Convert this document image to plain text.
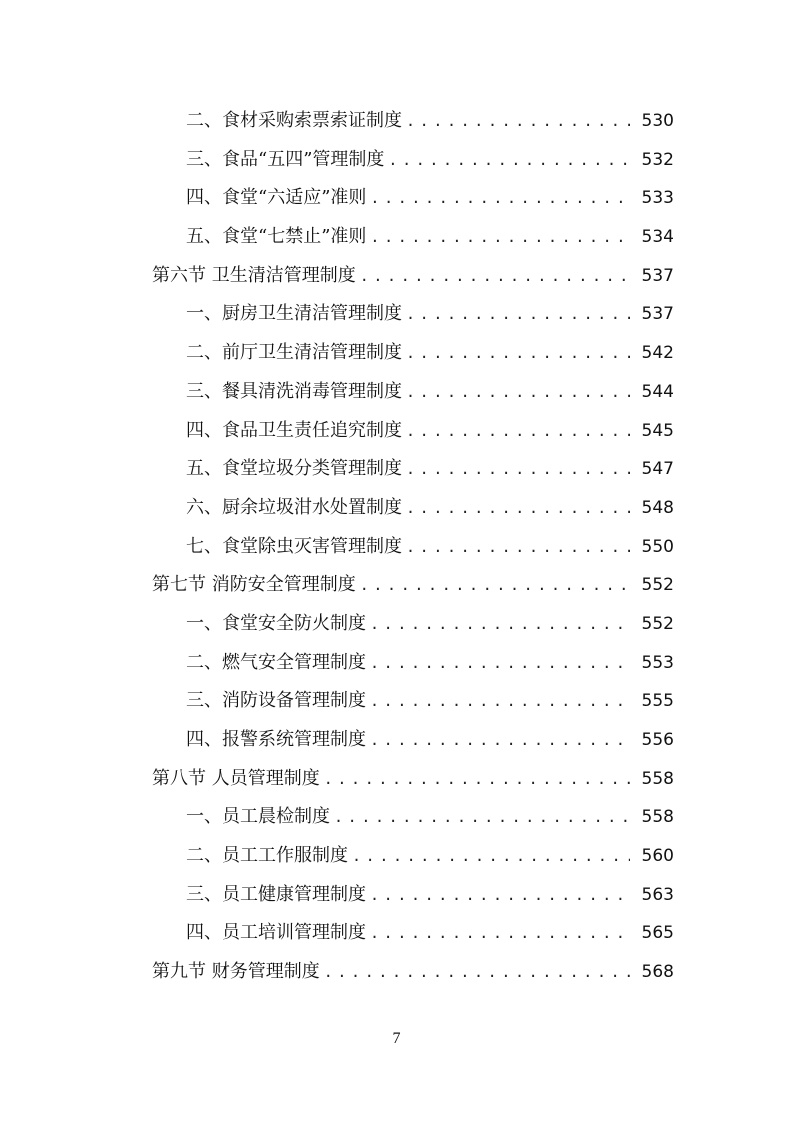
二、食材采购索票索证制度 . . .	530
三、食品“五四”管理制度 . . .	532
四、食堂“六适应”准则 . . .	533
五、食堂“七禁止”准则 . . .	534
第六节 卫生清洁管理制度 . . .	537
一、厨房卫生清洁管理制度 . . .	537
二、前厅卫生清洁管理制度 . . .	542
三、餐具清洗消毒管理制度 . . .	544
四、食品卫生责任追究制度 . . .	545
五、食堂垃圾分类管理制度 . . .	547
六、厨余垃圾泔水处置制度 . . .	548
七、食堂除虫灭害管理制度 . . .	550
第七节 消防安全管理制度 . . .	552
一、食堂安全防火制度 . . .	552
二、燃气安全管理制度 . . .	553
三、消防设备管理制度 . . .	555
四、报警系统管理制度 . . .	556
第八节 人员管理制度 . . .	558
一、员工晨检制度 . . .	558
二、员工工作服制度 . . .	560
三、员工健康管理制度 . . .	563
四、员工培训管理制度 . . .	565
第九节 财务管理制度 . . .	568
7
